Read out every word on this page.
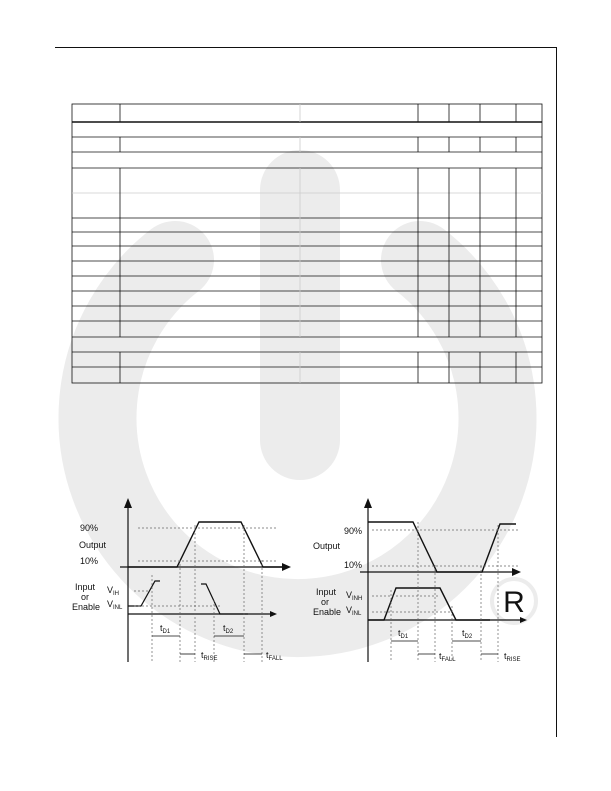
R
90%
Output
10%
Input
or
Enable
$V_{IH}$
$V_{INL}$
$t_{D1}$	$t_{D2}$
$t_{RISE}$	$t_{FALL}$
90%
Output
10%
Input
or
Enable
$V_{INH}$
$V_{INL}$
$t_{D1}$	$t_{D2}$
$t_{FALL}$	$t_{RISE}$
